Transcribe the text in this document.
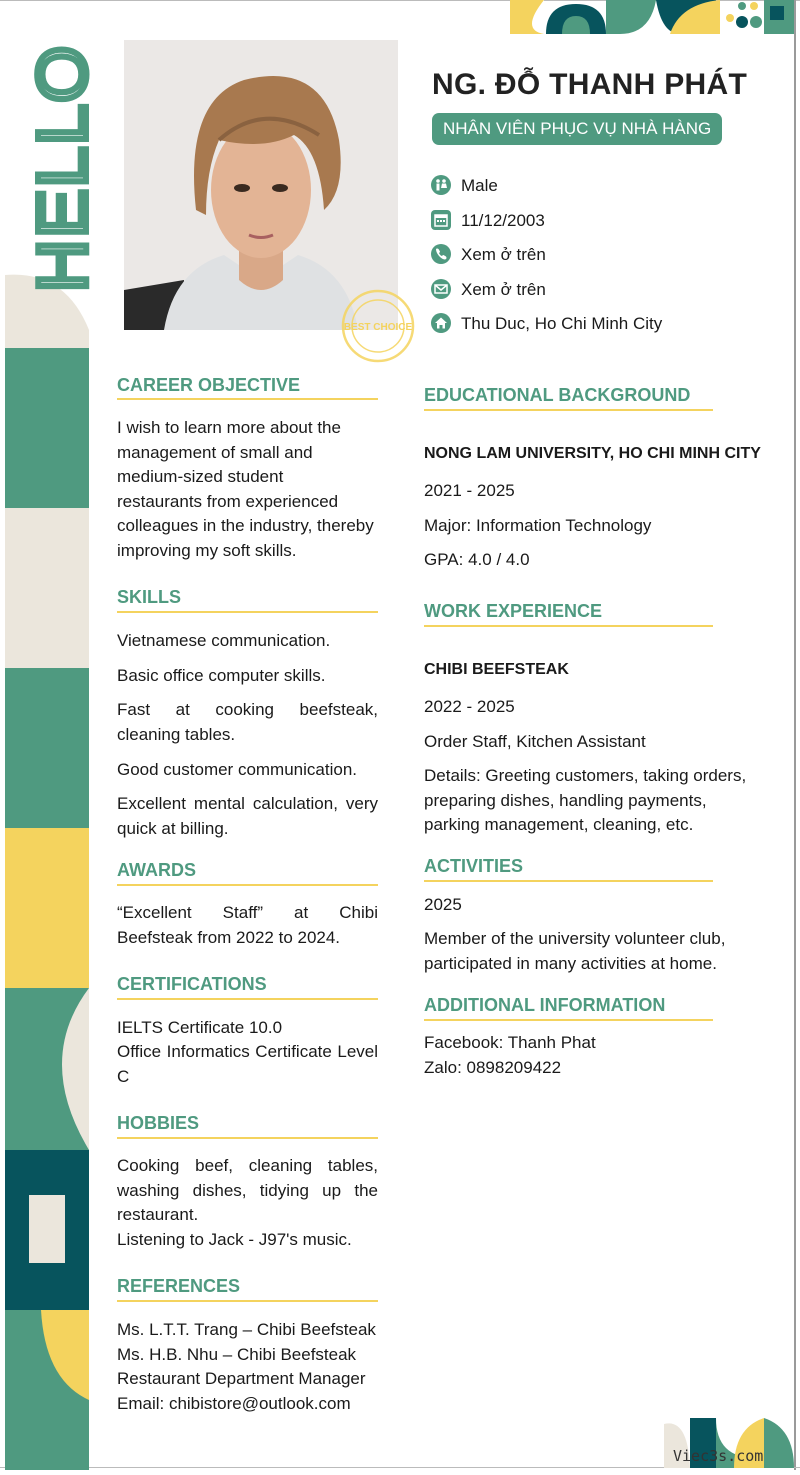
HELLO
BEST CHOICE
NG. ĐỖ THANH PHÁT
NHÂN VIÊN PHỤC VỤ NHÀ HÀNG
Male
11/12/2003
Xem ở trên
Xem ở trên
Thu Duc, Ho Chi Minh City
CAREER OBJECTIVE
I wish to learn more about the
management of small and
medium-sized student
restaurants from experienced
colleagues in the industry, thereby
improving my soft skills.
SKILLS
Vietnamese communication.
Basic office computer skills.
Fast at cooking beefsteak, cleaning tables.
Good customer communication.
Excellent mental calculation, very quick at billing.
AWARDS
“Excellent Staff” at Chibi Beefsteak from 2022 to 2024.
CERTIFICATIONS
IELTS Certificate 10.0
Office Informatics Certificate Level C
HOBBIES
Cooking beef, cleaning tables, washing dishes, tidying up the restaurant.
Listening to Jack - J97's music.
REFERENCES
Ms. L.T.T. Trang – Chibi Beefsteak
Ms. H.B. Nhu – Chibi Beefsteak
Restaurant Department Manager
Email: chibistore@outlook.com
EDUCATIONAL BACKGROUND
NONG LAM UNIVERSITY, HO CHI MINH CITY
2021 - 2025
Major: Information Technology
GPA: 4.0 / 4.0
WORK EXPERIENCE
CHIBI BEEFSTEAK
2022 - 2025
Order Staff, Kitchen Assistant
Details: Greeting customers, taking orders,
preparing dishes, handling payments,
parking management, cleaning, etc.
ACTIVITIES
2025
Member of the university volunteer club,
participated in many activities at home.
ADDITIONAL INFORMATION
Facebook: Thanh Phat
Zalo: 0898209422
Viec3s.com
